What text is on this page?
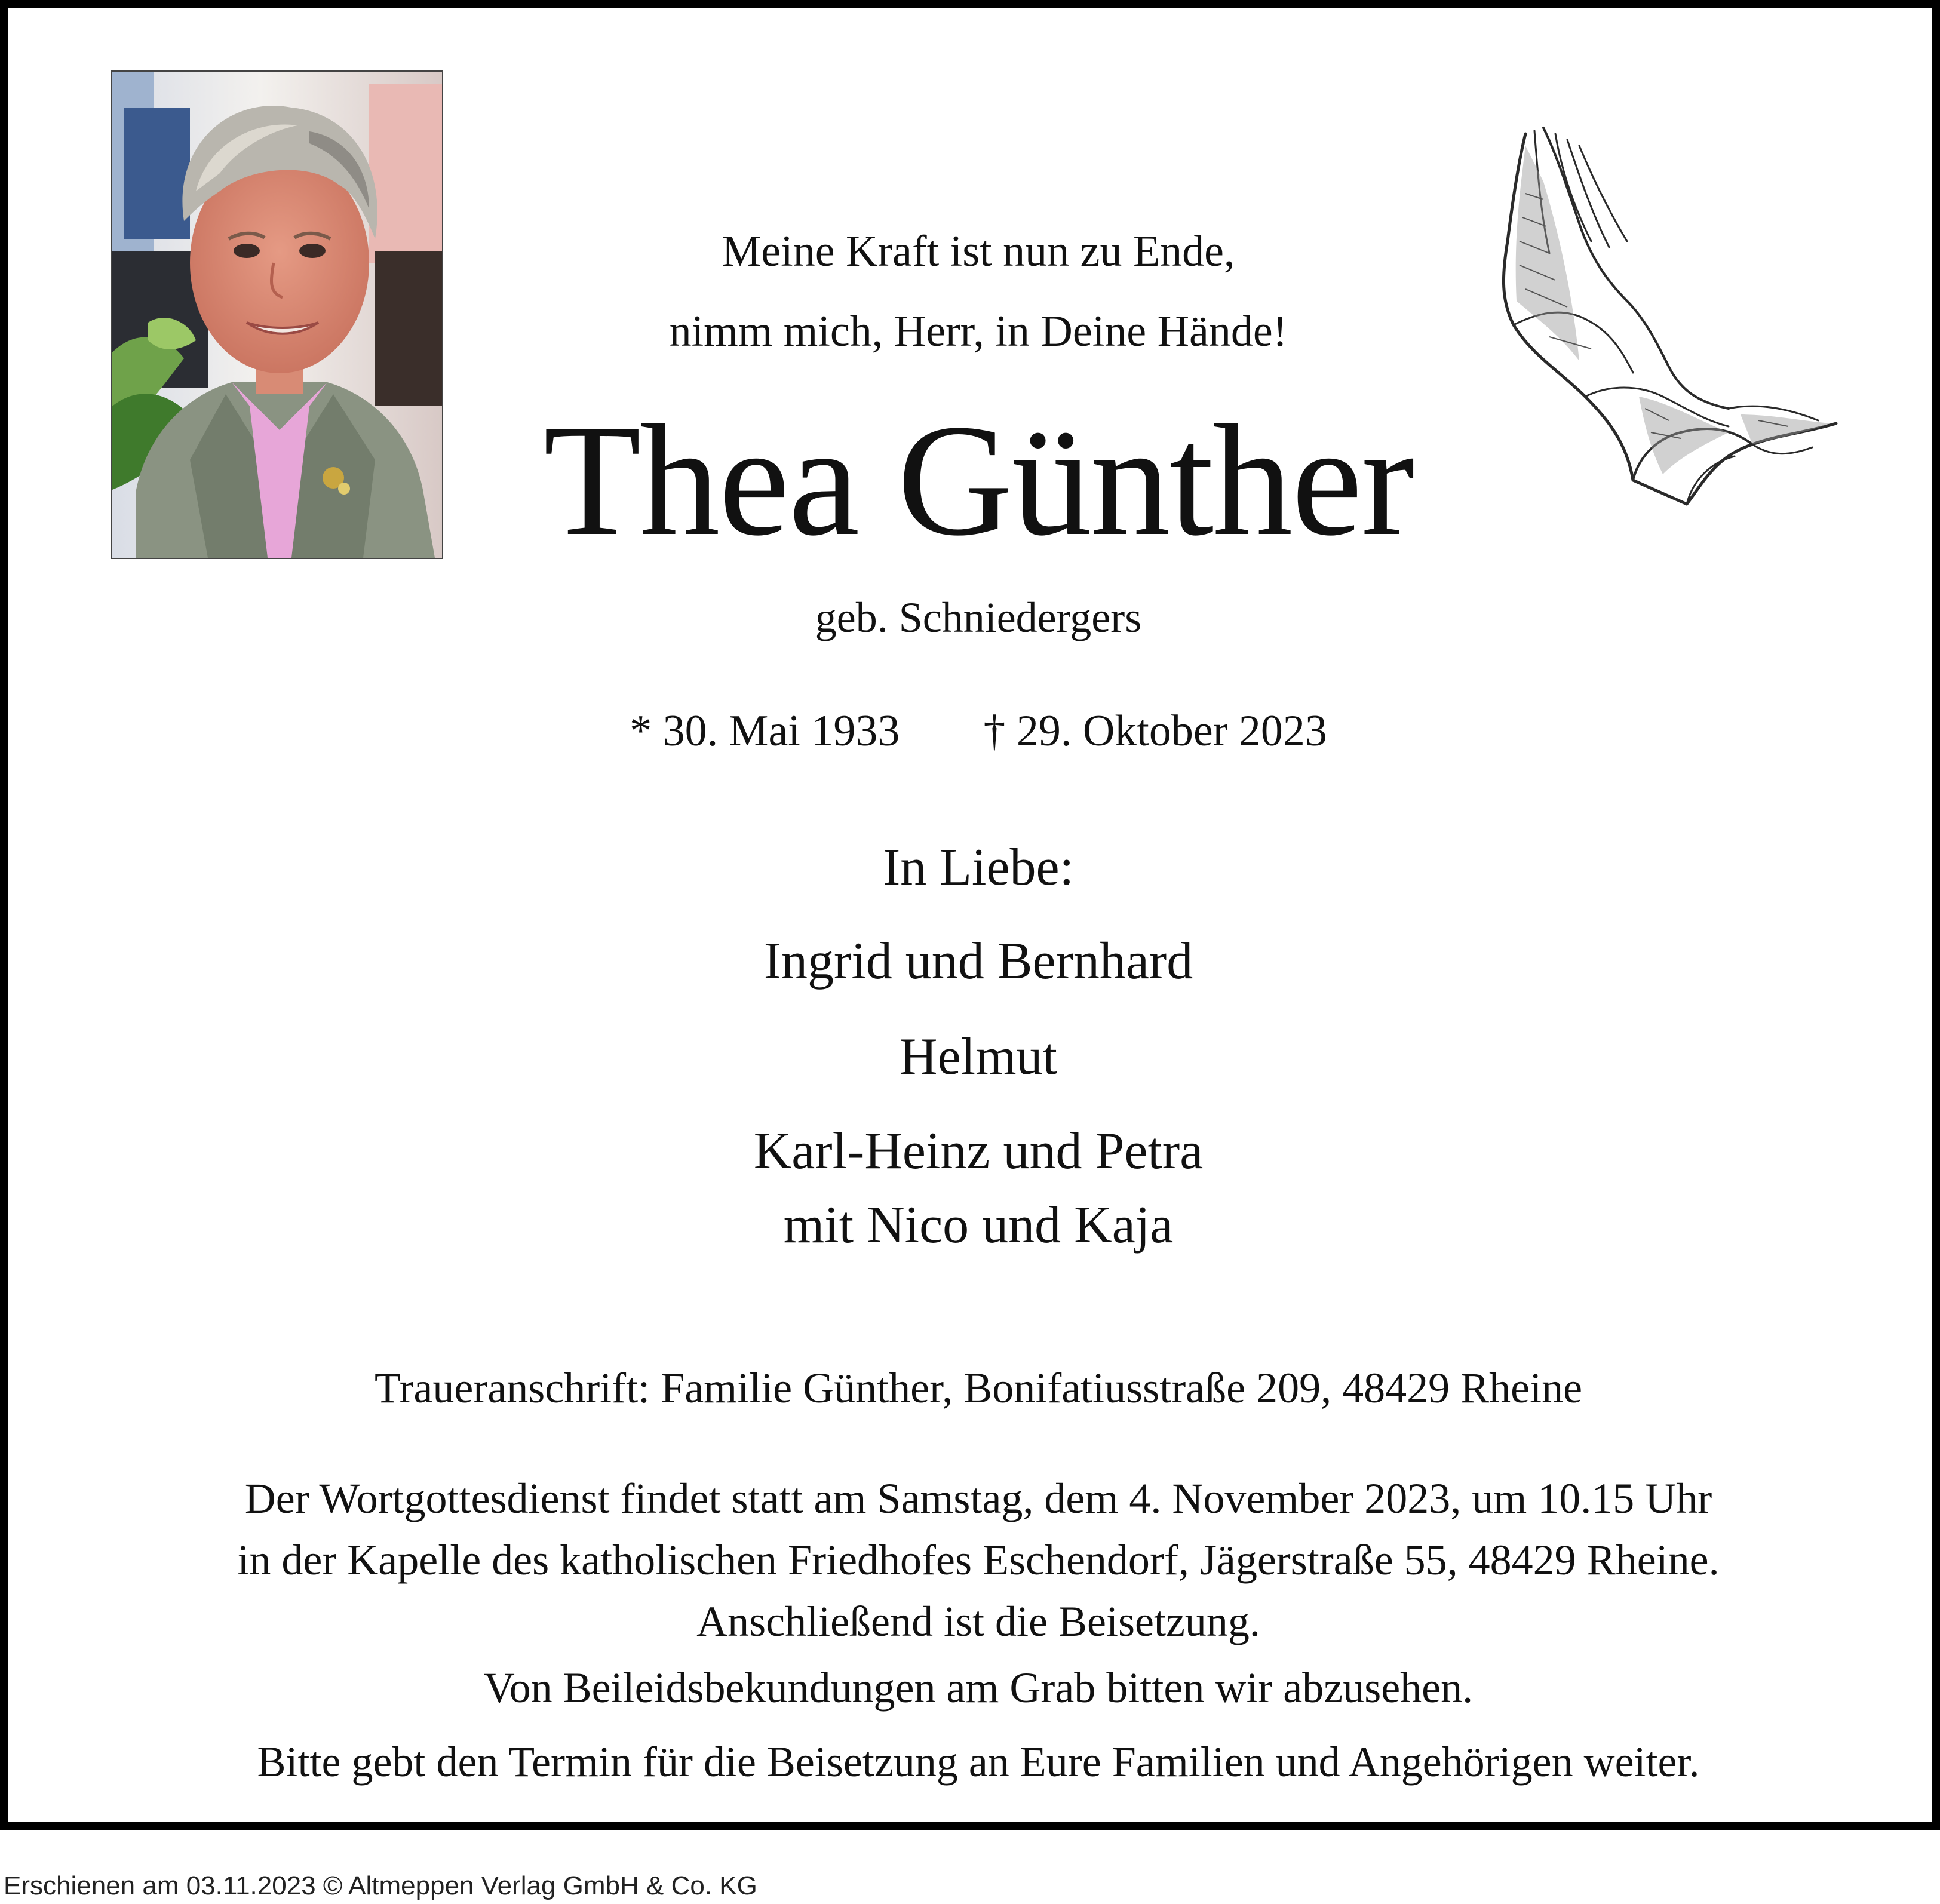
Meine Kraft ist nun zu Ende,
nimm mich, Herr, in Deine Hände!
Thea Günther
geb. Schniedergers
* 30. Mai 1933 † 29. Oktober 2023
In Liebe:
Ingrid und Bernhard
Helmut
Karl-Heinz und Petra
mit Nico und Kaja
Traueranschrift: Familie Günther, Bonifatiusstraße 209, 48429 Rheine
Der Wortgottesdienst findet statt am Samstag, dem 4. November 2023, um 10.15 Uhr
in der Kapelle des katholischen Friedhofes Eschendorf, Jägerstraße 55, 48429 Rheine.
Anschließend ist die Beisetzung.
Von Beileidsbekundungen am Grab bitten wir abzusehen.
Bitte gebt den Termin für die Beisetzung an Eure Familien und Angehörigen weiter.
Erschienen am 03.11.2023 © Altmeppen Verlag GmbH & Co. KG
